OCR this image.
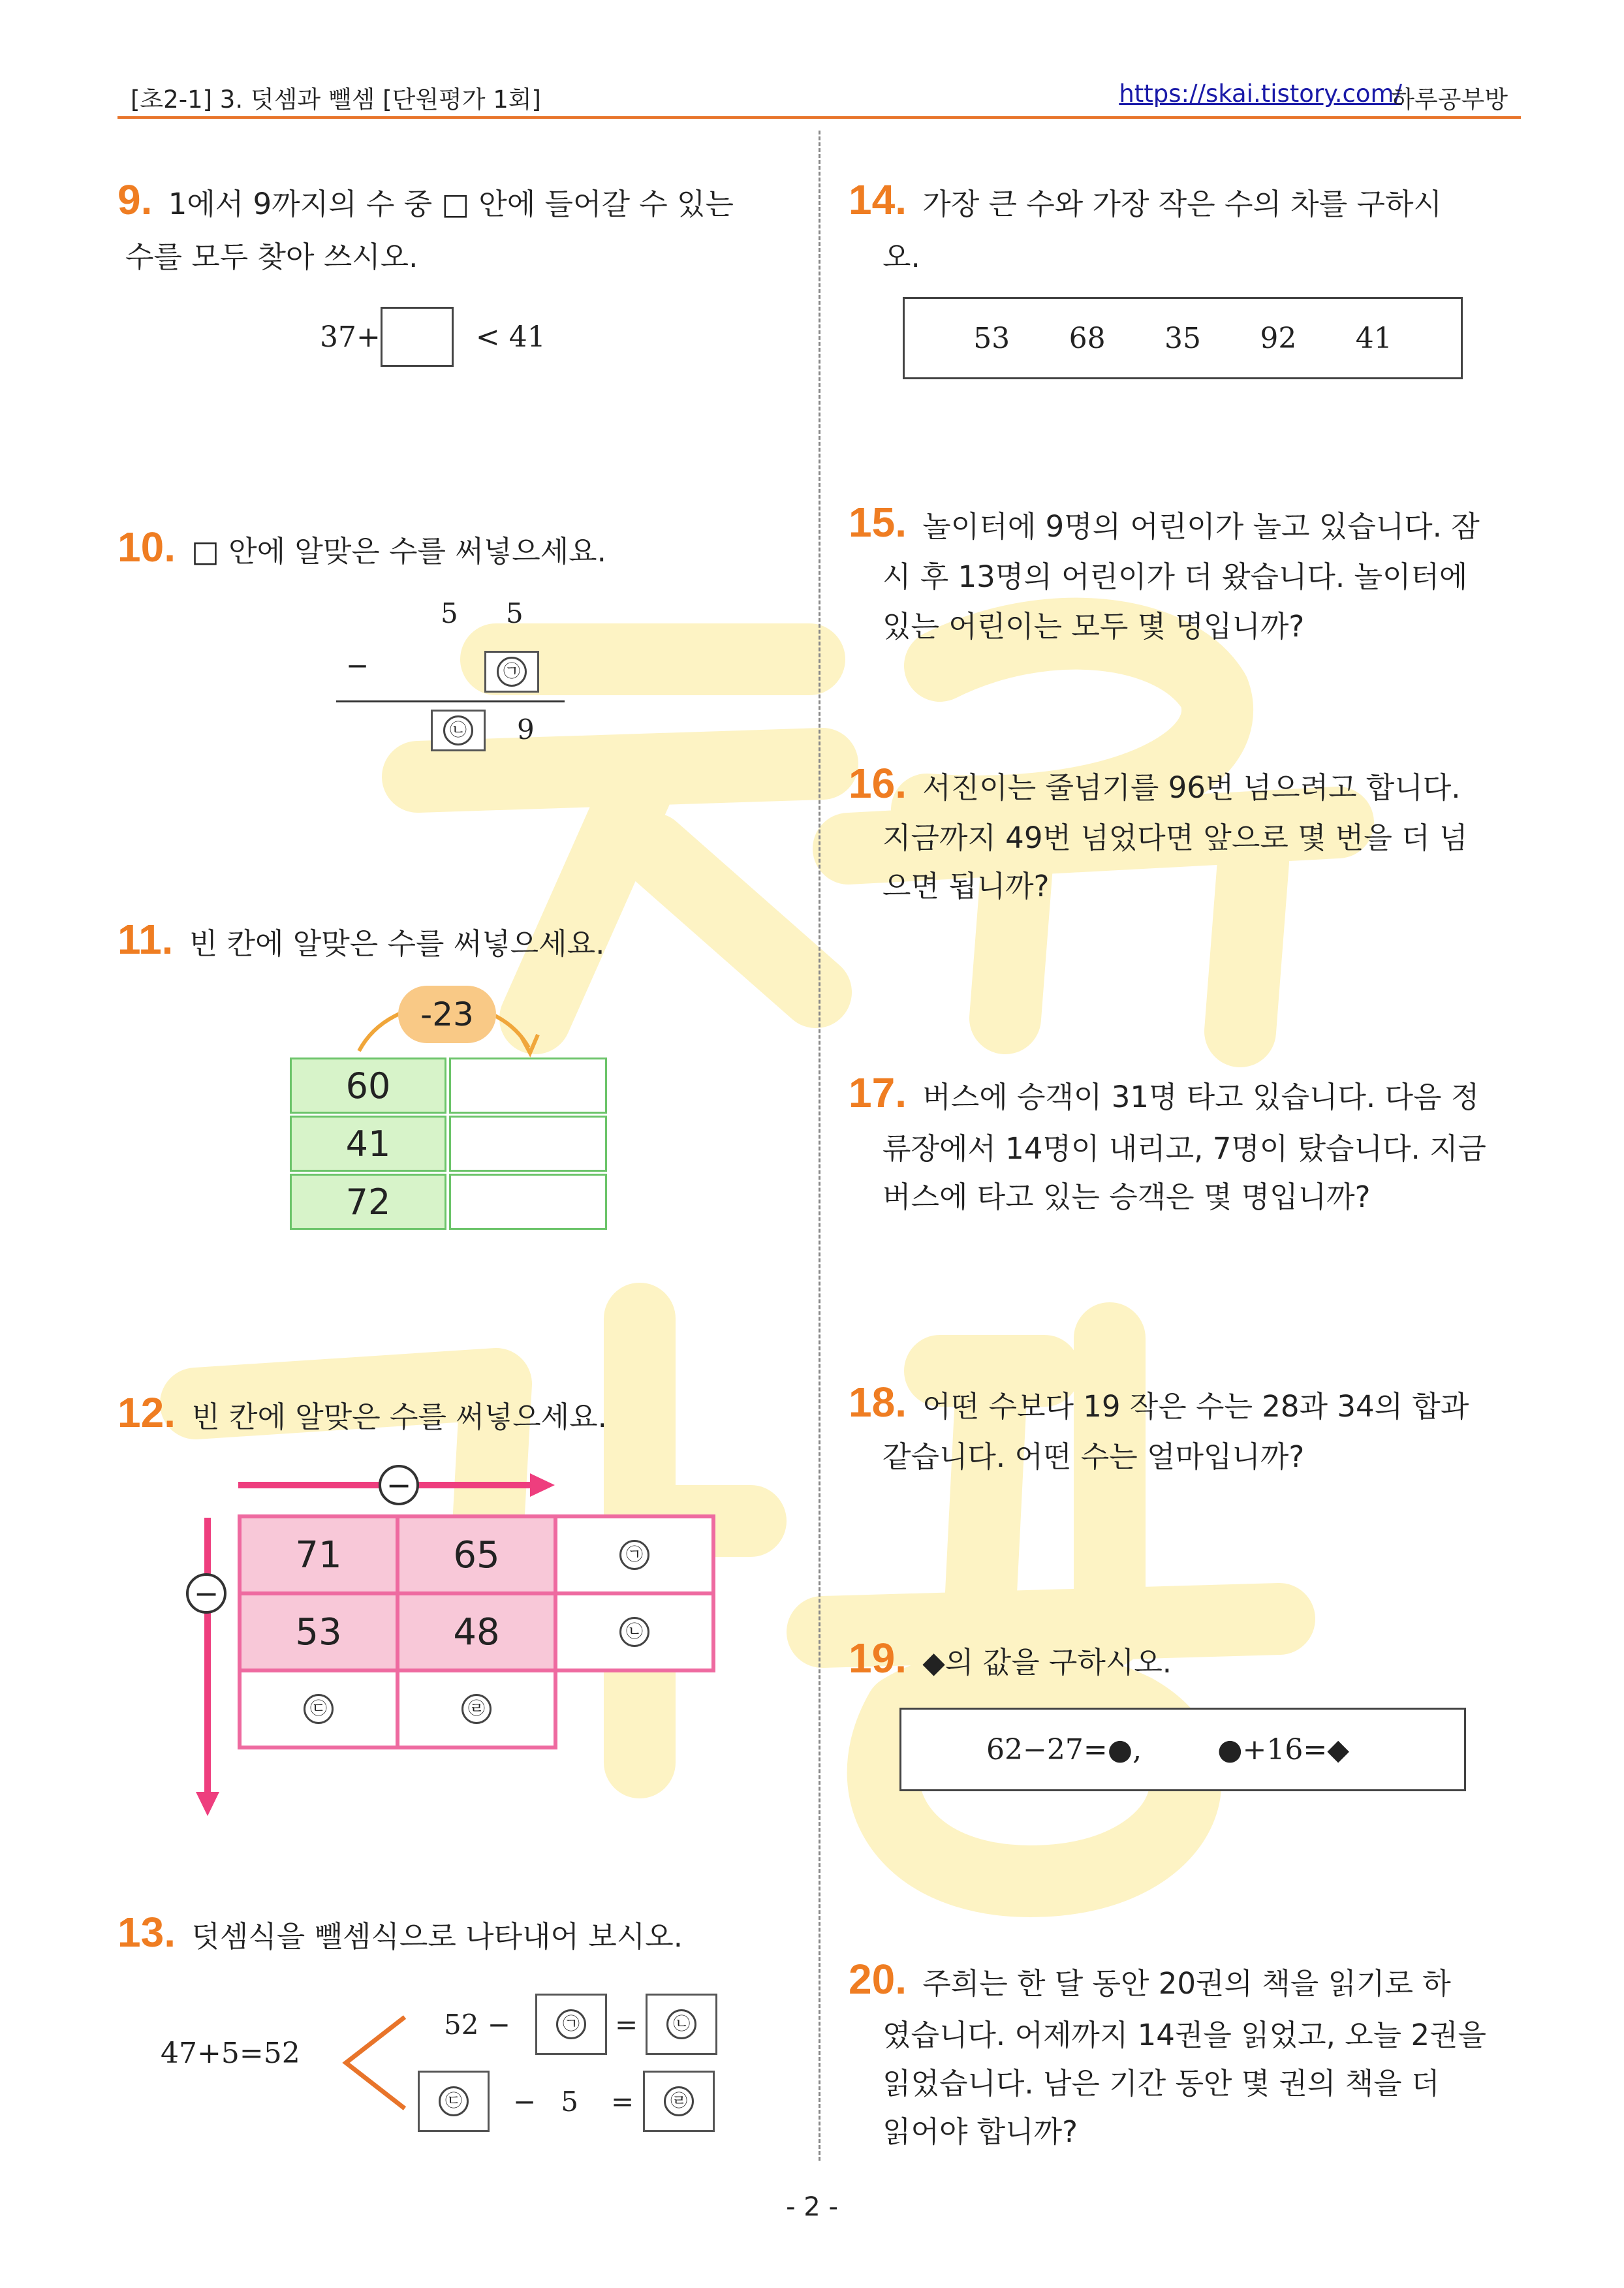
[초2-1] 3. 덧셈과 뺄셈 [단원평가 1회]	https://skai.tistory.com/
하루공부방
9. 1에서 9까지의 수 중 □ 안에 들어갈 수 있는
수를 모두 찾아 쓰시오.
37+	< 41
10. □ 안에 알맞은 수를 써넣으세요.
5 5
−	㉠
㉡ 9
11. 빈 칸에 알맞은 수를 써넣으세요.
-23
60
41
72
12. 빈 칸에 알맞은 수를 써넣으세요.
−
−
71	65	㉠
53	48	㉡
㉢	㉣
13. 덧셈식을 뺄셈식으로 나타내어 보시오.
47+5=52
52 −	㉠ =	㉡
㉢ − 5 =	㉣
14. 가장 큰 수와 가장 작은 수의 차를 구하시
오.
53 68 35 92 41
15. 놀이터에 9명의 어린이가 놀고 있습니다. 잠
시 후 13명의 어린이가 더 왔습니다. 놀이터에
있는 어린이는 모두 몇 명입니까?
16. 서진이는 줄넘기를 96번 넘으려고 합니다.
지금까지 49번 넘었다면 앞으로 몇 번을 더 넘
으면 됩니까?
17. 버스에 승객이 31명 타고 있습니다. 다음 정
류장에서 14명이 내리고, 7명이 탔습니다. 지금
버스에 타고 있는 승객은 몇 명입니까?
18. 어떤 수보다 19 작은 수는 28과 34의 합과
같습니다. 어떤 수는 얼마입니까?
19. ◆의 값을 구하시오.
62−27=●,	●+16=◆
20. 주희는 한 달 동안 20권의 책을 읽기로 하
였습니다. 어제까지 14권을 읽었고, 오늘 2권을
읽었습니다. 남은 기간 동안 몇 권의 책을 더
읽어야 합니까?
- 2 -
